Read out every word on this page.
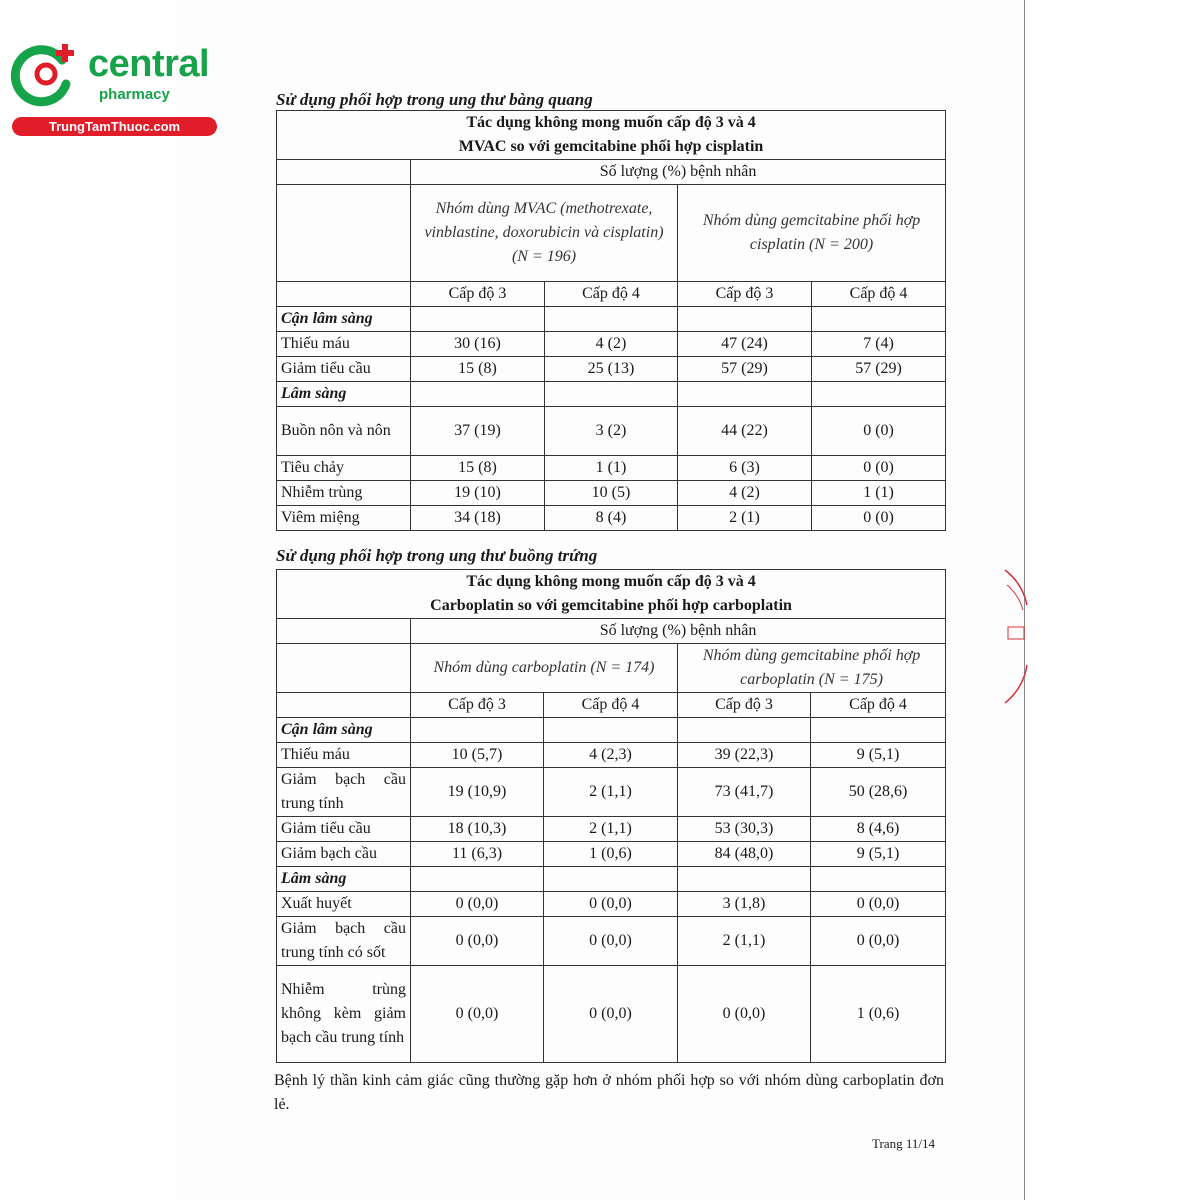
central
pharmacy
TrungTamThuoc.com
Sử dụng phối hợp trong ung thư bàng quang
Tác dụng không mong muốn cấp độ 3 và 4
MVAC so với gemcitabine phối hợp cisplatin				

	Số lượng (%) bệnh nhân			
	Nhóm dùng MVAC (methotrexate, vinblastine, doxorubicin và cisplatin) (N = 196)		Nhóm dùng gemcitabine phối hợp cisplatin (N = 200)	
	Cấp độ 3	Cấp độ 4	Cấp độ 3	Cấp độ 4
Cận lâm sàng				
Thiếu máu	30 (16)	4 (2)	47 (24)	7 (4)
Giảm tiểu cầu	15 (8)	25 (13)	57 (29)	57 (29)
Lâm sàng				
Buồn nôn và nôn	37 (19)	3 (2)	44 (22)	0 (0)
Tiêu chảy	15 (8)	1 (1)	6 (3)	0 (0)
Nhiễm trùng	19 (10)	10 (5)	4 (2)	1 (1)
Viêm miệng	34 (18)	8 (4)	2 (1)	0 (0)
Sử dụng phối hợp trong ung thư buồng trứng
Tác dụng không mong muốn cấp độ 3 và 4
Carboplatin so với gemcitabine phối hợp carboplatin				

	Số lượng (%) bệnh nhân			
	Nhóm dùng carboplatin (N = 174)		Nhóm dùng gemcitabine phối hợp carboplatin (N = 175)	
	Cấp độ 3	Cấp độ 4	Cấp độ 3	Cấp độ 4
Cận lâm sàng				
Thiếu máu	10 (5,7)	4 (2,3)	39 (22,3)	9 (5,1)
Giảm bạch cầu trung tính	19 (10,9)	2 (1,1)	73 (41,7)	50 (28,6)
Giảm tiểu cầu	18 (10,3)	2 (1,1)	53 (30,3)	8 (4,6)
Giảm bạch cầu	11 (6,3)	1 (0,6)	84 (48,0)	9 (5,1)
Lâm sàng				
Xuất huyết	0 (0,0)	0 (0,0)	3 (1,8)	0 (0,0)
Giảm bạch cầu trung tính có sốt	0 (0,0)	0 (0,0)	2 (1,1)	0 (0,0)
Nhiễm trùng không kèm giảm bạch cầu trung tính	0 (0,0)	0 (0,0)	0 (0,0)	1 (0,6)
Bệnh lý thần kinh cảm giác cũng thường gặp hơn ở nhóm phối hợp so với nhóm dùng carboplatin đơn lẻ.
Trang 11/14
